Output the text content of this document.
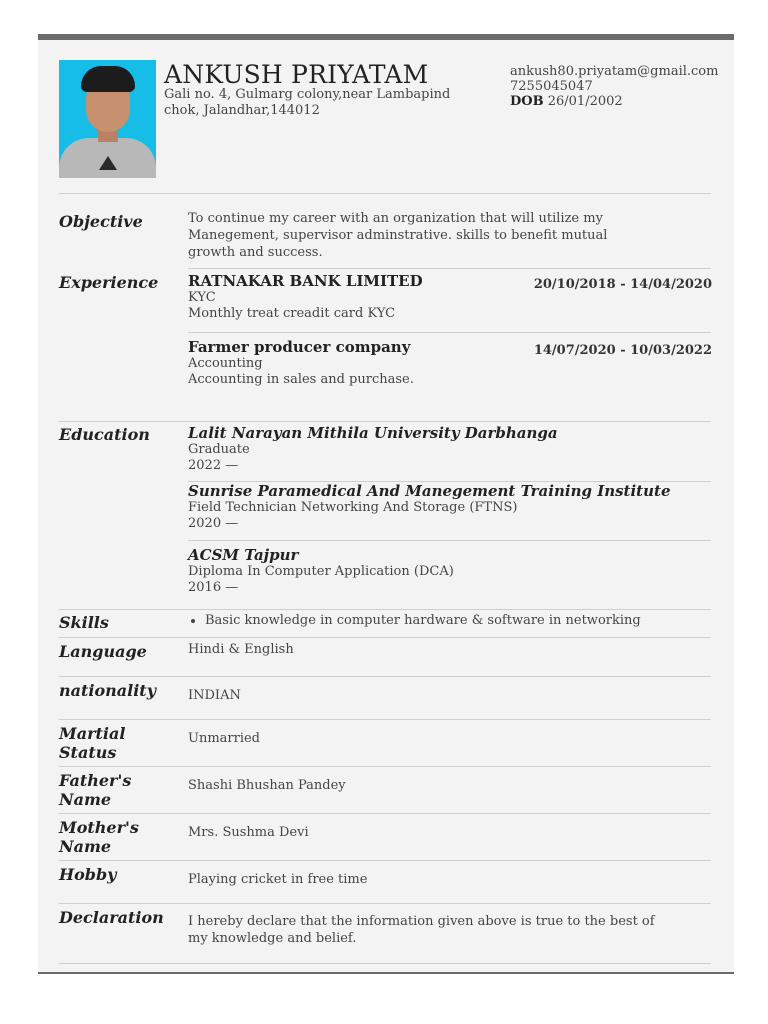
ANKUSH PRIYATAM
Gali no. 4, Gulmarg colony,near Lambapind chok, Jalandhar,144012
ankush80.priyatam@gmail.com
7255045047
DOB 26/01/2002
Objective	To continue my career with an organization that will utilize my Manegement, supervisor adminstrative. skills to benefit mutual growth and success.
Experience	RATNAKAR BANK LIMITED
KYC
Monthly treat creadit card KYC
20/10/2018 - 14/04/2020
Farmer producer company
Accounting
Accounting in sales and purchase.
14/07/2020 - 10/03/2022
Education	Lalit Narayan Mithila University Darbhanga
Graduate
2022 —
Sunrise Paramedical And Manegement Training Institute
Field Technician Networking And Storage (FTNS)
2020 —
ACSM Tajpur
Diploma In Computer Application (DCA)
2016 —
Skills
•	Basic knowledge in computer hardware & software in networking
Language	Hindi & English
nationality	INDIAN
Martial Status
Unmarried
Father's Name
Shashi Bhushan Pandey
Mother's Name
Mrs. Sushma Devi
Hobby	Playing cricket in free time
Declaration	I hereby declare that the information given above is true to the best of my knowledge and belief.
